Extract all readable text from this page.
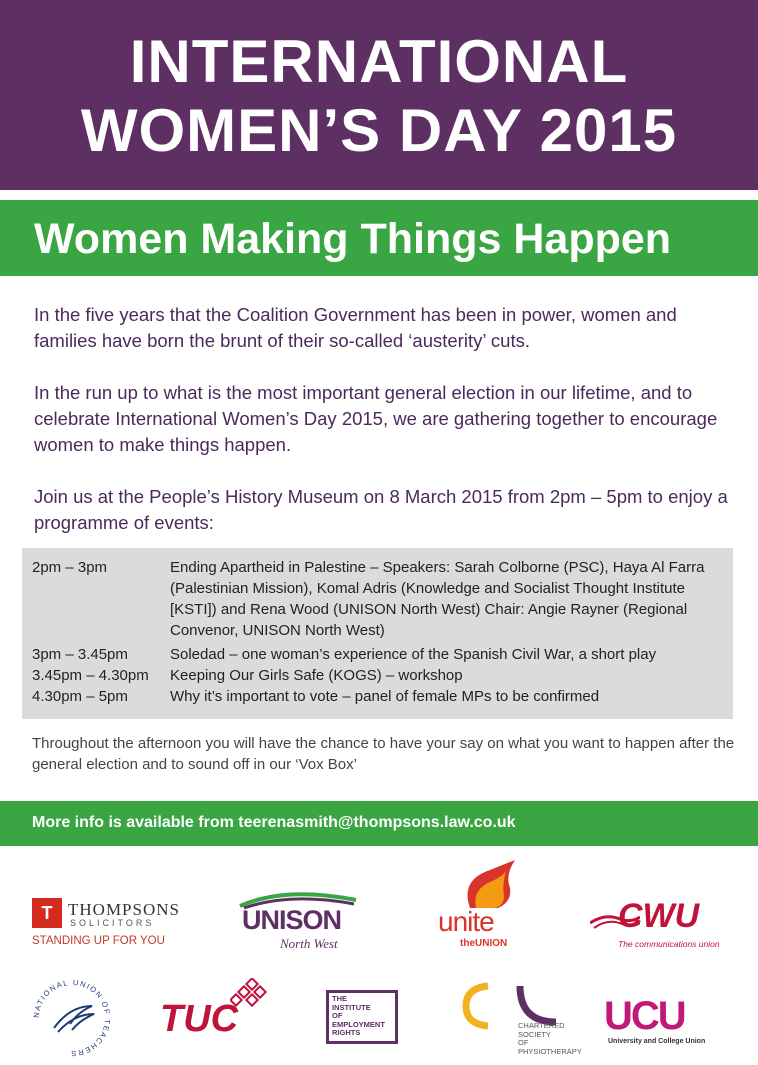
INTERNATIONAL
WOMEN’S DAY 2015
Women Making Things Happen
In the five years that the Coalition Government has been in power, women and families have born the brunt of their so-called ‘austerity’ cuts.
In the run up to what is the most important general election in our lifetime, and to celebrate International Women’s Day 2015, we are gathering together to encourage women to make things happen.
Join us at the People’s History Museum on 8 March 2015 from 2pm – 5pm to enjoy a programme of events:
2pm – 3pm	Ending Apartheid in Palestine – Speakers: Sarah Colborne (PSC), Haya Al Farra (Palestinian Mission), Komal Adris (Knowledge and Socialist Thought Institute [KSTI]) and Rena Wood (UNISON North West) Chair: Angie Rayner (Regional Convenor, UNISON North West)
3pm – 3.45pm	Soledad – one woman’s experience of the Spanish Civil War, a short play
3.45pm – 4.30pm	Keeping Our Girls Safe (KOGS) – workshop
4.30pm – 5pm	Why it’s important to vote – panel of female MPs to be confirmed
Throughout the afternoon you will have the chance to have your say on what you want to happen after the general election and to sound off in our ‘Vox Box’
More info is available from teerenasmith@thompsons.law.co.uk
T THOMPSONS
SOLICITORS
STANDING UP FOR YOU
UNISON
North West
unite
theUNION
CWU
The communications union
NATIONAL UNION OF TEACHERS
TUC	THE
INSTITUTE
OF
EMPLOYMENT
RIGHTS
CHARTERED
SOCIETY
OF
PHYSIOTHERAPY
UCU
University and College Union
